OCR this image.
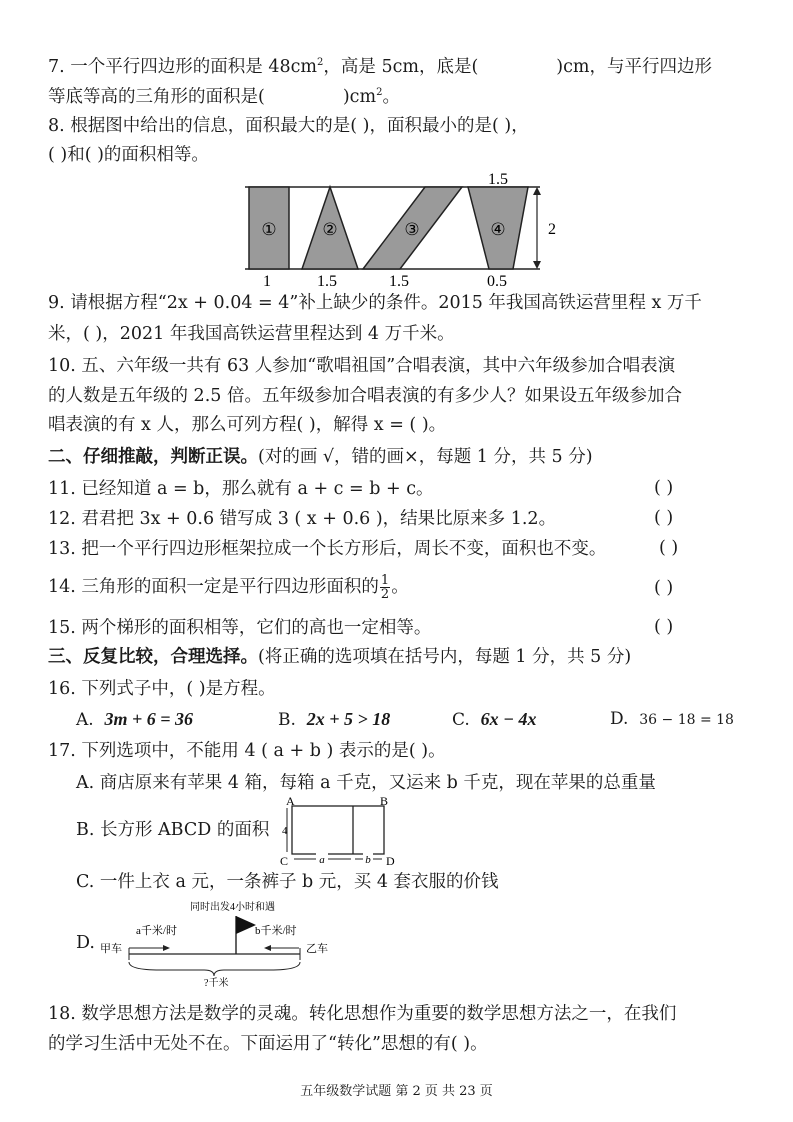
7. 一个平行四边形的面积是 $48cm^2$，高是 5cm，底是(	)cm，与平行四边形
等底等高的三角形的面积是(	)$cm^2$。
8. 根据图中给出的信息，面积最大的是( )，面积最小的是( )，
( )和( )的面积相等。
1.5
2
①	②	③	④
1	1.5	1.5	0.5
9. 请根据方程“2x + 0.04 = 4”补上缺少的条件。2015 年我国高铁运营里程 x 万千
米，( )，2021 年我国高铁运营里程达到 4 万千米。
10. 五、六年级一共有 63 人参加“歌唱祖国”合唱表演，其中六年级参加合唱表演
的人数是五年级的 2.5 倍。五年级参加合唱表演的有多少人？如果设五年级参加合
唱表演的有 x 人，那么可列方程( )，解得 x = ( )。
二、仔细推敲，判断正误。(对的画 √，错的画×，每题 1 分，共 5 分)
11. 已经知道 a = b，那么就有 a + c = b + c。	( )
12. 君君把 3x + 0.6 错写成 3 ( x + 0.6 )，结果比原来多 1.2。	( )
13. 把一个平行四边形框架拉成一个长方形后，周长不变，面积也不变。	( )
14. 三角形的面积一定是平行四边形面积的 $\frac{1}{2}$ 。	( )
15. 两个梯形的面积相等，它们的高也一定相等。	( )
三、反复比较，合理选择。(将正确的选项填在括号内，每题 1 分，共 5 分)
16. 下列式子中，( )是方程。
A. 3m + 6 = 36	B. 2x + 5 > 18	C. 6x − 4x	D. 36 − 18 = 18
17. 下列选项中，不能用 4 ( a + b ) 表示的是( )。
A. 商店原来有苹果 4 箱，每箱 a 千克，又运来 b 千克，现在苹果的总重量
B. 长方形 ABCD 的面积
A	B
C	D
4
a	b
C. 一件上衣 a 元，一条裤子 b 元，买 4 套衣服的价钱
D.
同时出发4小时和遇
a千米/时	b千米/时
甲车	乙车
?千米
18. 数学思想方法是数学的灵魂。转化思想作为重要的数学思想方法之一，在我们
的学习生活中无处不在。下面运用了“转化”思想的有( )。
五年级数学试题 第 2 页 共 23 页
